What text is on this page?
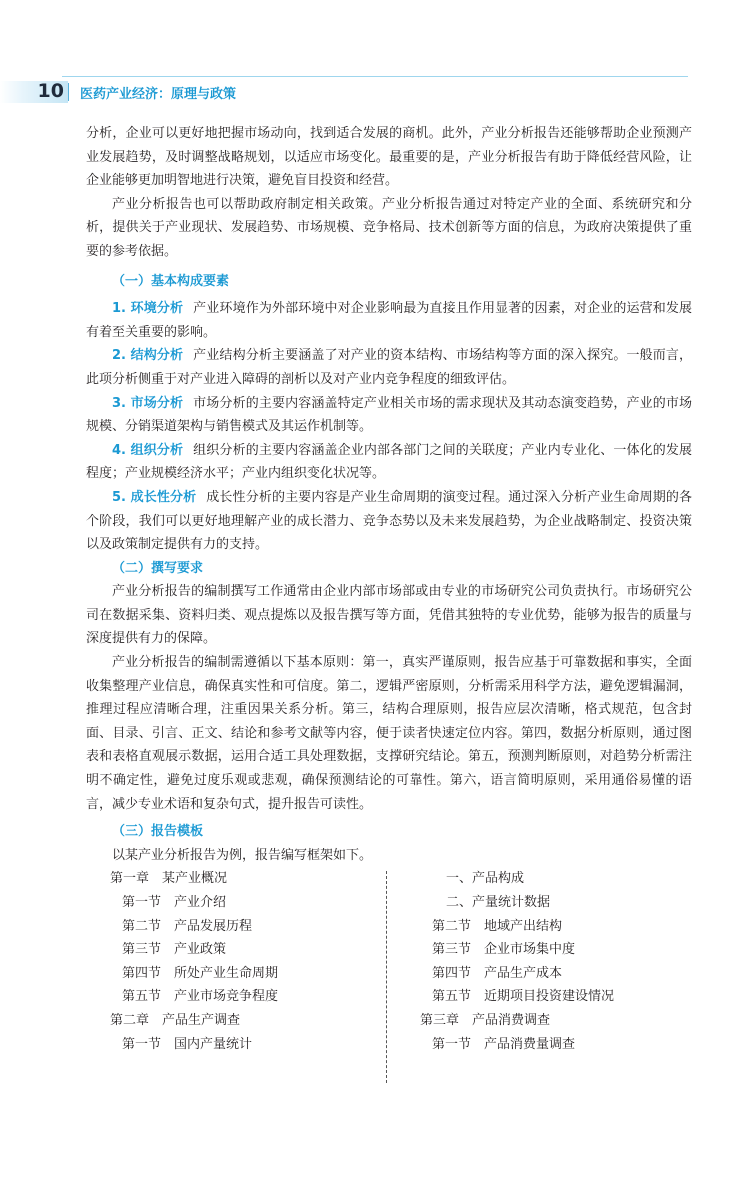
10 医药产业经济：原理与政策

分析，企业可以更好地把握市场动向，找到适合发展的商机。此外，产业分析报告还能够帮助企业预测产业发展趋势，及时调整战略规划，以适应市场变化。最重要的是，产业分析报告有助于降低经营风险，让企业能够更加明智地进行决策，避免盲目投资和经营。

产业分析报告也可以帮助政府制定相关政策。产业分析报告通过对特定产业的全面、系统研究和分析，提供关于产业现状、发展趋势、市场规模、竞争格局、技术创新等方面的信息，为政府决策提供了重要的参考依据。

（一）基本构成要素

1. 环境分析 产业环境作为外部环境中对企业影响最为直接且作用显著的因素，对企业的运营和发展有着至关重要的影响。

2. 结构分析 产业结构分析主要涵盖了对产业的资本结构、市场结构等方面的深入探究。一般而言，此项分析侧重于对产业进入障碍的剖析以及对产业内竞争程度的细致评估。

3. 市场分析 市场分析的主要内容涵盖特定产业相关市场的需求现状及其动态演变趋势，产业的市场规模、分销渠道架构与销售模式及其运作机制等。

4. 组织分析 组织分析的主要内容涵盖企业内部各部门之间的关联度；产业内专业化、一体化的发展程度；产业规模经济水平；产业内组织变化状况等。

5. 成长性分析 成长性分析的主要内容是产业生命周期的演变过程。通过深入分析产业生命周期的各个阶段，我们可以更好地理解产业的成长潜力、竞争态势以及未来发展趋势，为企业战略制定、投资决策以及政策制定提供有力的支持。

（二）撰写要求

产业分析报告的编制撰写工作通常由企业内部市场部或由专业的市场研究公司负责执行。市场研究公司在数据采集、资料归类、观点提炼以及报告撰写等方面，凭借其独特的专业优势，能够为报告的质量与深度提供有力的保障。

产业分析报告的编制需遵循以下基本原则：第一，真实严谨原则，报告应基于可靠数据和事实，全面收集整理产业信息，确保真实性和可信度。第二，逻辑严密原则，分析需采用科学方法，避免逻辑漏洞，推理过程应清晰合理，注重因果关系分析。第三，结构合理原则，报告应层次清晰，格式规范，包含封面、目录、引言、正文、结论和参考文献等内容，便于读者快速定位内容。第四，数据分析原则，通过图表和表格直观展示数据，运用合适工具处理数据，支撑研究结论。第五，预测判断原则，对趋势分析需注明不确定性，避免过度乐观或悲观，确保预测结论的可靠性。第六，语言简明原则，采用通俗易懂的语言，减少专业术语和复杂句式，提升报告可读性。

（三）报告模板

以某产业分析报告为例，报告编写框架如下。

第一章　某产业概况
第一节　产业介绍
第二节　产品发展历程
第三节　产业政策
第四节　所处产业生命周期
第五节　产业市场竞争程度
第二章　产品生产调查
第一节　国内产量统计
一、产品构成
二、产量统计数据
第二节　地域产出结构
第三节　企业市场集中度
第四节　产品生产成本
第五节　近期项目投资建设情况
第三章　产品消费调查
第一节　产品消费量调查
